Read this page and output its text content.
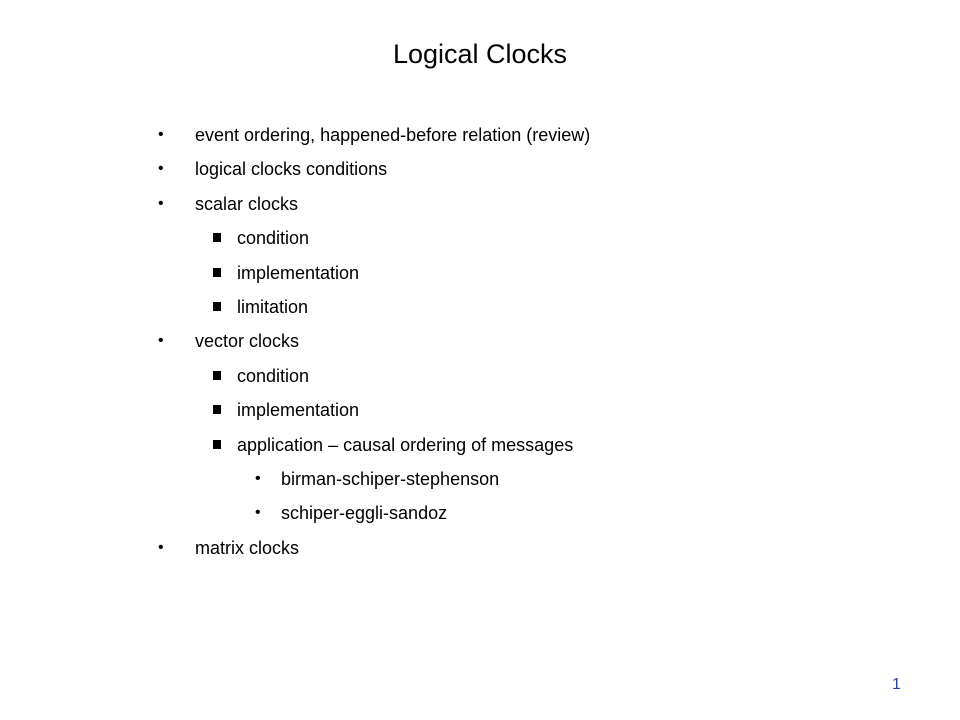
Logical Clocks
• event ordering, happened-before relation (review)
• logical clocks conditions
• scalar clocks
condition
implementation
limitation
• vector clocks
condition
implementation
application – causal ordering of messages
• birman-schiper-stephenson
• schiper-eggli-sandoz
• matrix clocks
1
